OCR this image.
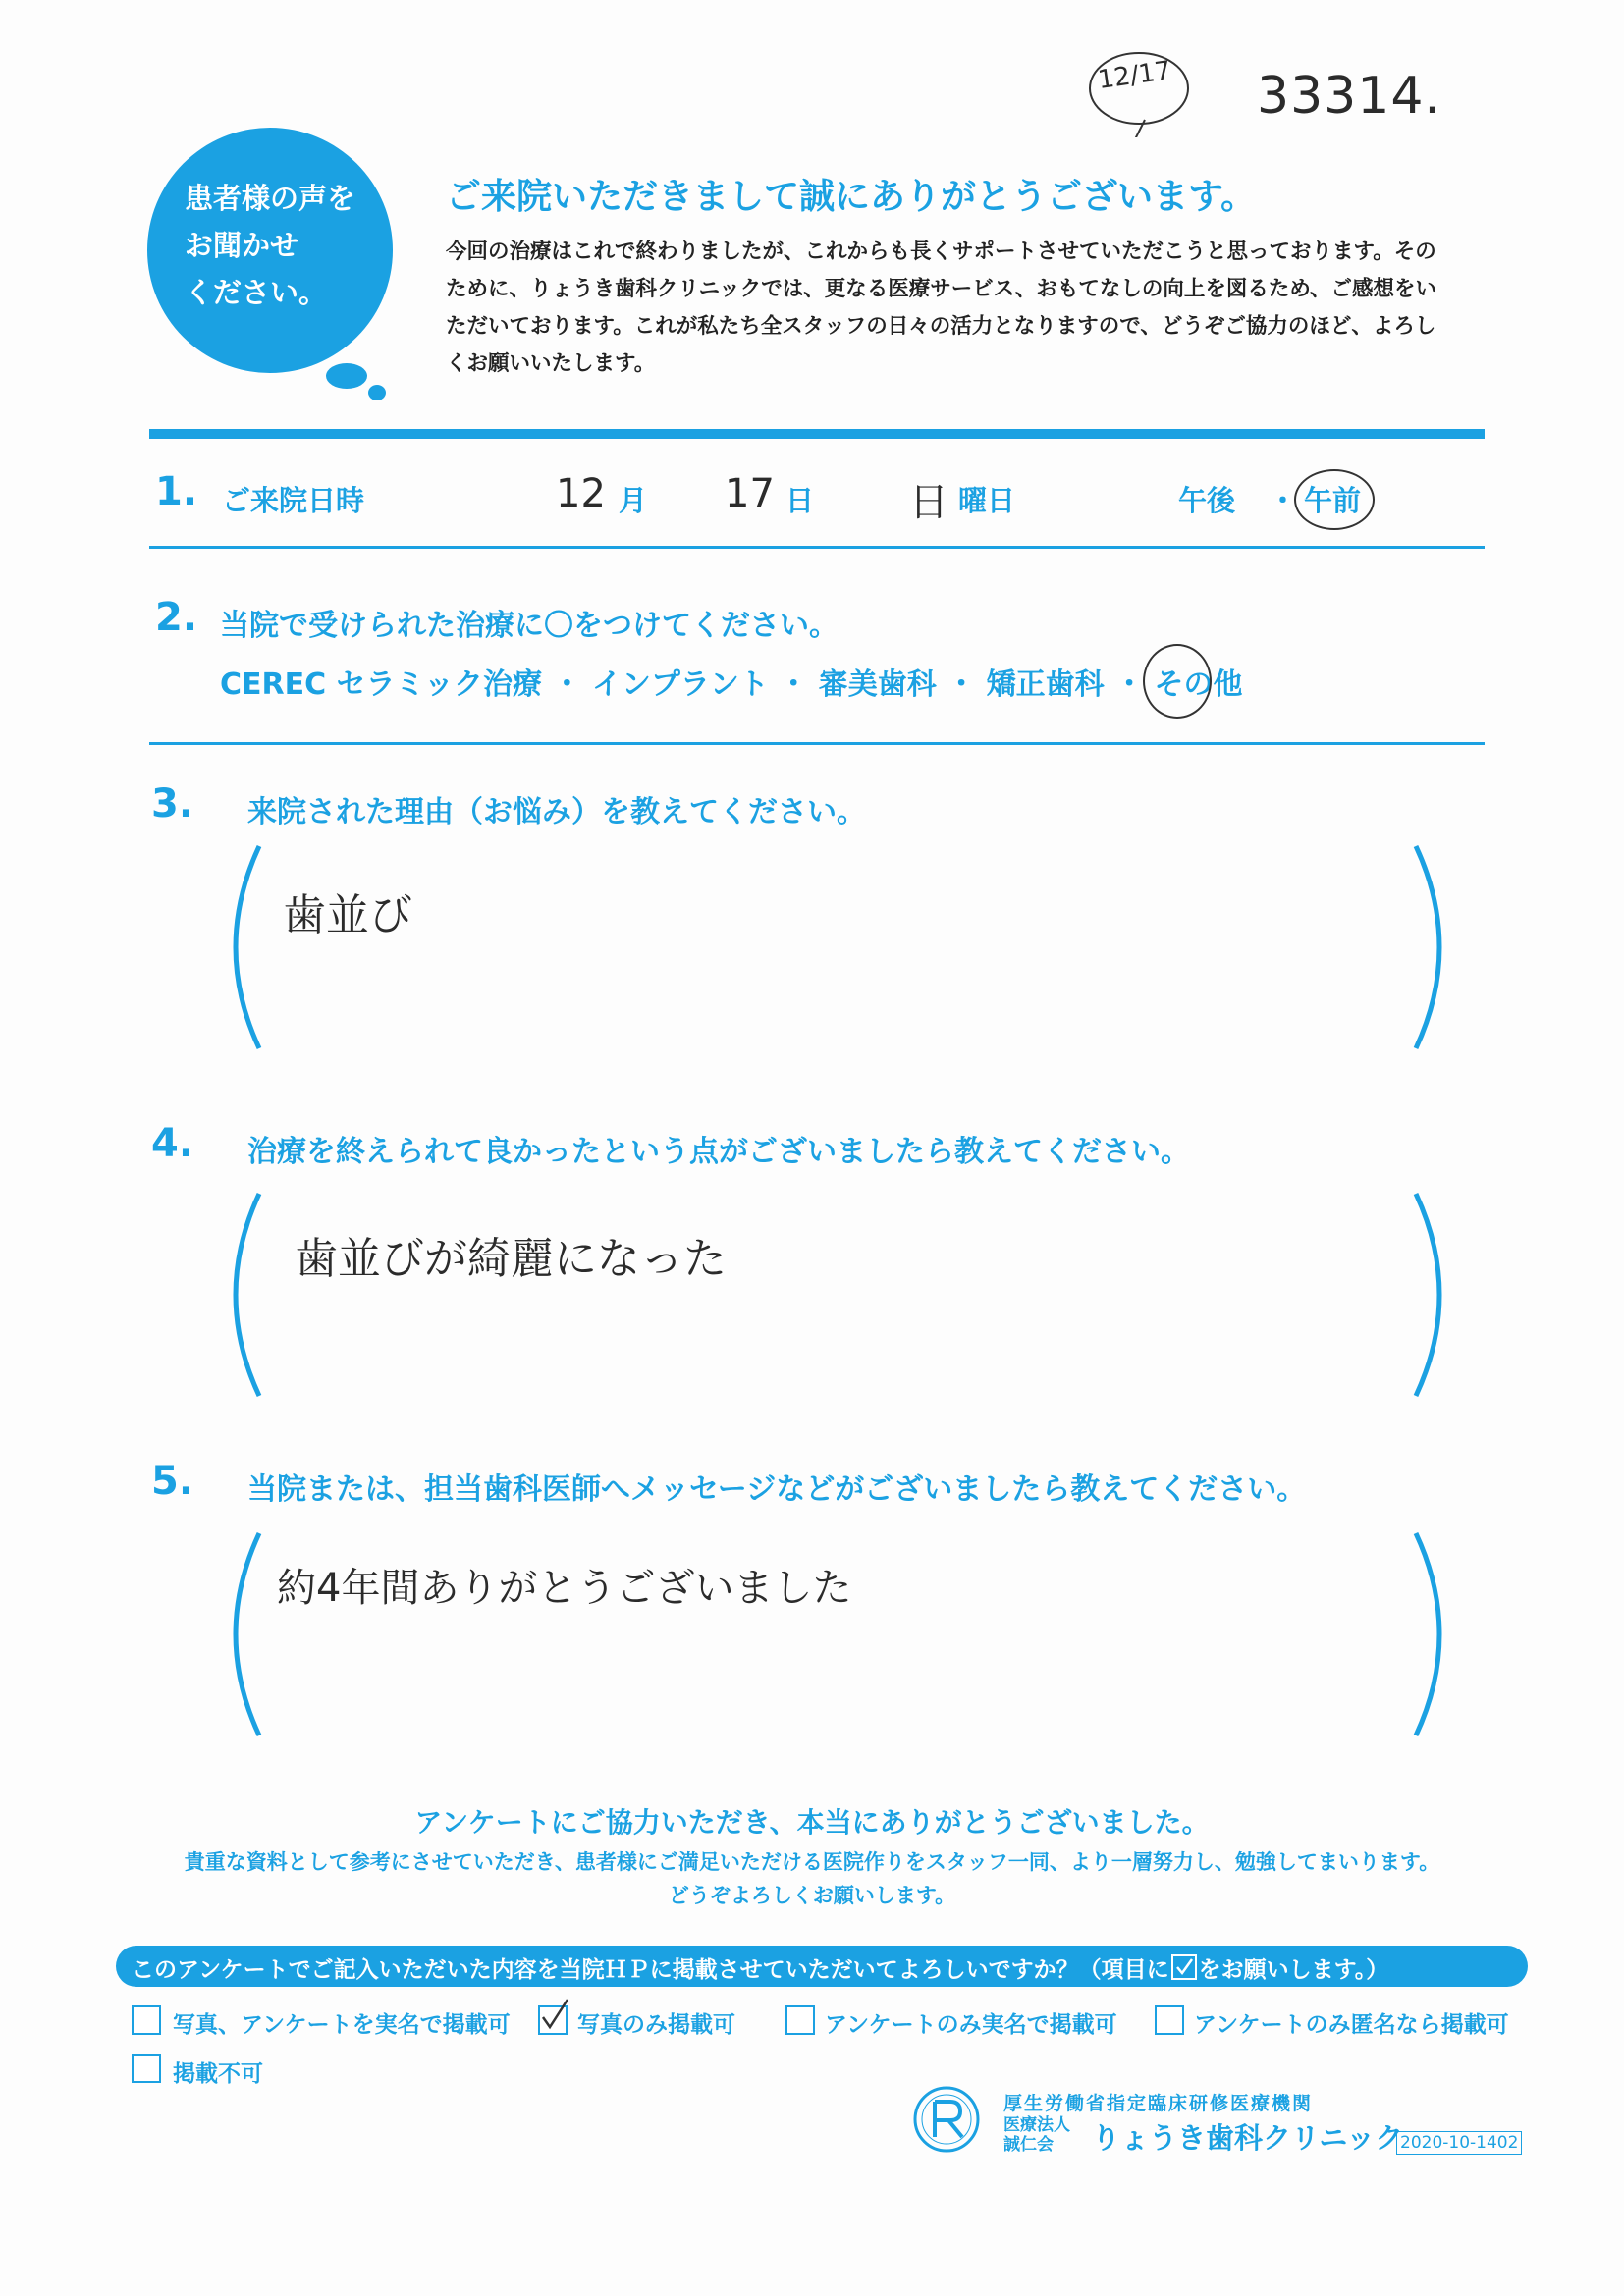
12/17 33314.
患者様の声を
お聞かせ
ください。
ご来院いただきまして誠にありがとうございます。
今回の治療はこれで終わりましたが、これからも長くサポートさせていただこうと思っております。そのために、りょうき歯科クリニックでは、更なる医療サービス、おもてなしの向上を図るため、ご感想をいただいております。これが私たち全スタッフの日々の活力となりますので、どうぞご協力のほど、よろしくお願いいたします。
1. ご来院日時	12 月 17 日 日 曜日	午後 ・ 午前
2. 当院で受けられた治療に〇をつけてください。
CEREC セラミック治療 ・ インプラント ・ 審美歯科 ・ 矯正歯科 ・ その他
3. 来院された理由（お悩み）を教えてください。
歯並び
4. 治療を終えられて良かったという点がございましたら教えてください。
歯並びが綺麗になった
5. 当院または、担当歯科医師へメッセージなどがございましたら教えてください。
約4年間ありがとうございました
アンケートにご協力いただき、本当にありがとうございました。
貴重な資料として参考にさせていただき、患者様にご満足いただける医院作りをスタッフ一同、より一層努力し、勉強してまいります。
どうぞよろしくお願いします。
このアンケートでご記入いただいた内容を当院ＨＰに掲載させていただいてよろしいですか？（項目に をお願いします。）
写真、アンケートを実名で掲載可	写真のみ掲載可	アンケートのみ実名で掲載可	アンケートのみ匿名なら掲載可
掲載不可
厚生労働省指定臨床研修医療機関
医療法人
誠仁会	りょうき歯科クリニック
2020-10-1402
